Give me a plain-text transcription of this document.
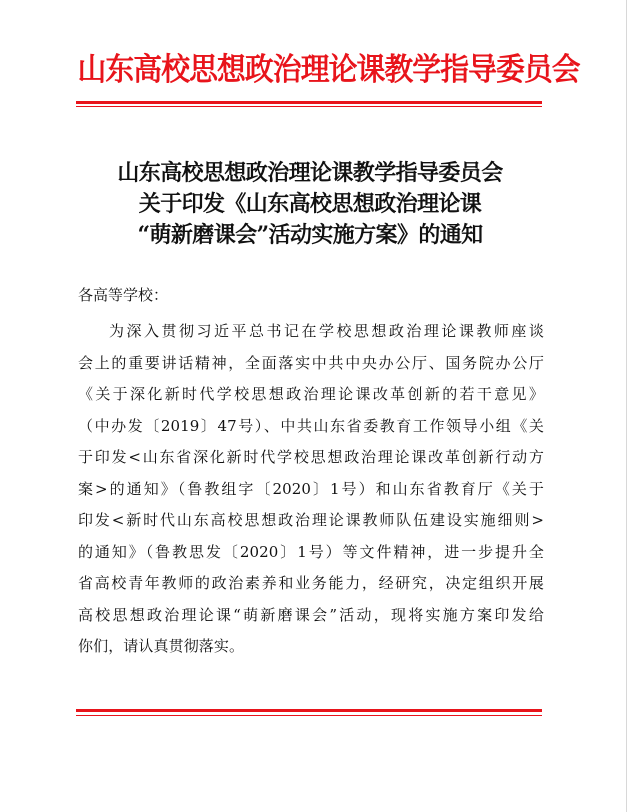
山东高校思想政治理论课教学指导委员会
山东高校思想政治理论课教学指导委员会
关于印发《山东高校思想政治理论课
“萌新磨课会”活动实施方案》的通知
各高等学校：
为深入贯彻习近平总书记在学校思想政治理论课教师座谈
会上的重要讲话精神，全面落实中共中央办公厅、国务院办公厅
《关于深化新时代学校思想政治理论课改革创新的若干意见》
（中办发〔2019〕47号）、中共山东省委教育工作领导小组《关
于印发<山东省深化新时代学校思想政治理论课改革创新行动方
案>的通知》（鲁教组字〔2020〕1号）和山东省教育厅《关于
印发<新时代山东高校思想政治理论课教师队伍建设实施细则>
的通知》（鲁教思发〔2020〕1号）等文件精神，进一步提升全
省高校青年教师的政治素养和业务能力，经研究，决定组织开展
高校思想政治理论课“萌新磨课会”活动，现将实施方案印发给
你们，请认真贯彻落实。
